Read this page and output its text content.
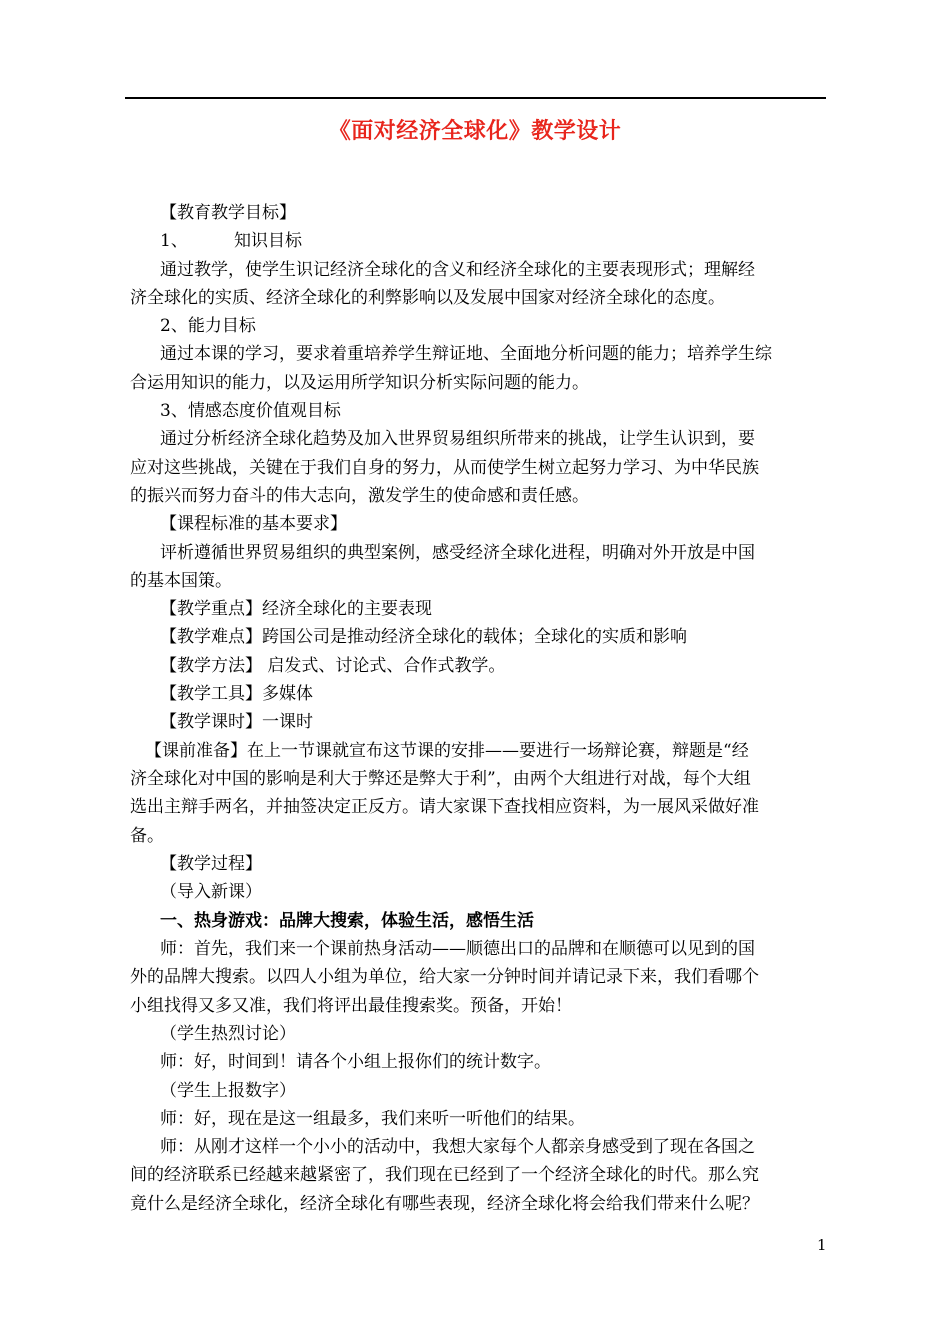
《面对经济全球化》教学设计
【教育教学目标】
1、	知识目标
通过教学，使学生识记经济全球化的含义和经济全球化的主要表现形式；理解经
济全球化的实质、经济全球化的利弊影响以及发展中国家对经济全球化的态度。
2、能力目标
通过本课的学习，要求着重培养学生辩证地、全面地分析问题的能力；培养学生综
合运用知识的能力，以及运用所学知识分析实际问题的能力。
3、情感态度价值观目标
通过分析经济全球化趋势及加入世界贸易组织所带来的挑战，让学生认识到，要
应对这些挑战，关键在于我们自身的努力，从而使学生树立起努力学习、为中华民族
的振兴而努力奋斗的伟大志向，激发学生的使命感和责任感。
【课程标准的基本要求】
评析遵循世界贸易组织的典型案例，感受经济全球化进程，明确对外开放是中国
的基本国策。
【教学重点】经济全球化的主要表现
【教学难点】跨国公司是推动经济全球化的载体；全球化的实质和影响
【教学方法】 启发式、讨论式、合作式教学。
【教学工具】多媒体
【教学课时】一课时
【课前准备】在上一节课就宣布这节课的安排——要进行一场辩论赛，辩题是“经
济全球化对中国的影响是利大于弊还是弊大于利”，由两个大组进行对战，每个大组
选出主辩手两名，并抽签决定正反方。请大家课下查找相应资料，为一展风采做好准
备。
【教学过程】
（导入新课）
一、热身游戏：品牌大搜索，体验生活，感悟生活
师：首先，我们来一个课前热身活动——顺德出口的品牌和在顺德可以见到的国
外的品牌大搜索。以四人小组为单位，给大家一分钟时间并请记录下来，我们看哪个
小组找得又多又准，我们将评出最佳搜索奖。预备，开始！
（学生热烈讨论）
师：好，时间到！请各个小组上报你们的统计数字。
（学生上报数字）
师：好，现在是这一组最多，我们来听一听他们的结果。
师：从刚才这样一个小小的活动中，我想大家每个人都亲身感受到了现在各国之
间的经济联系已经越来越紧密了，我们现在已经到了一个经济全球化的时代。那么究
竟什么是经济全球化，经济全球化有哪些表现，经济全球化将会给我们带来什么呢？
1
